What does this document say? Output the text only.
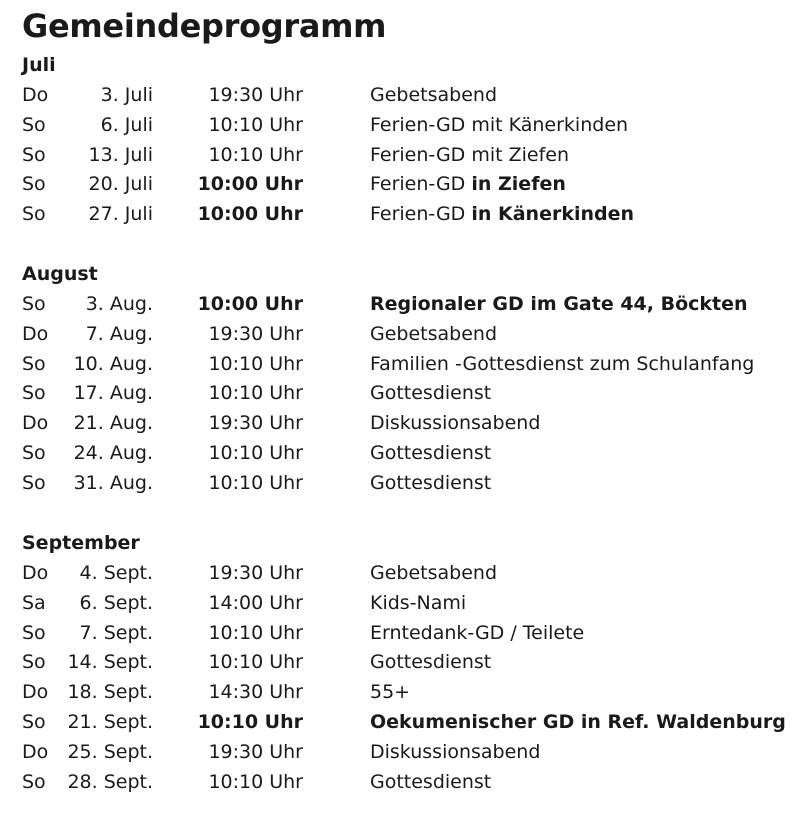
Gemeindeprogramm
Juli
Do	3. Juli	19:30 Uhr	Gebetsabend
So	6. Juli	10:10 Uhr	Ferien-GD mit Känerkinden
So 13. Juli	10:10 Uhr	Ferien-GD mit Ziefen
So 20. Juli 10:00 Uhr	Ferien-GD in Ziefen
So 27. Juli 10:00 Uhr	Ferien-GD in Känerkinden
August
So 3. Aug. 10:00 Uhr	Regionaler GD im Gate 44, Böckten
Do 7. Aug.	19:30 Uhr	Gebetsabend
So 10. Aug.	10:10 Uhr	Familien -Gottesdienst zum Schulanfang
So 17. Aug.	10:10 Uhr	Gottesdienst
Do 21. Aug.	19:30 Uhr	Diskussionsabend
So 24. Aug.	10:10 Uhr	Gottesdienst
So 31. Aug.	10:10 Uhr	Gottesdienst
September
Do 4. Sept.	19:30 Uhr	Gebetsabend
Sa 6. Sept.	14:00 Uhr	Kids-Nami
So 7. Sept.	10:10 Uhr	Erntedank-GD / Teilete
So 14. Sept.	10:10 Uhr	Gottesdienst
Do 18. Sept.	14:30 Uhr	55+
So 21. Sept. 10:10 Uhr	Oekumenischer GD in Ref. Waldenburg
Do 25. Sept.	19:30 Uhr	Diskussionsabend
So 28. Sept.	10:10 Uhr	Gottesdienst
